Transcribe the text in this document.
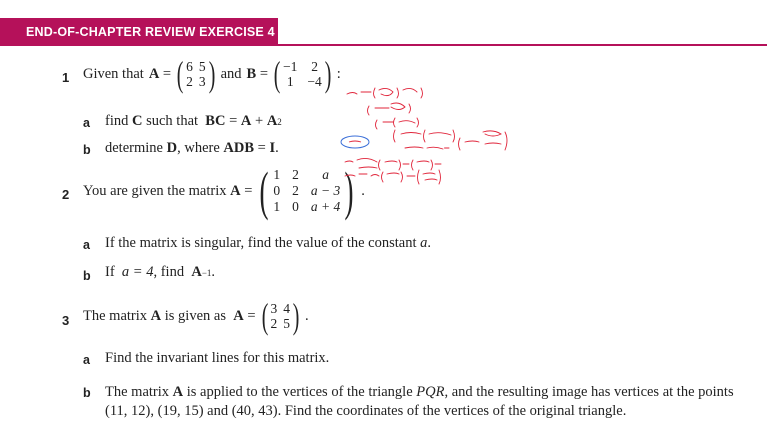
END-OF-CHAPTER REVIEW EXERCISE 4
1 Given that A = ( 6 5
2 3 ) and B = ( −1 2
1 −4 ) :
a find
C
such that
BC
=
A
+
A 2
b determine
D , where
ADB
=
I .
2 You are given the matrix
A = ( 1 2	a
0 2 a − 3
1 0 a + 4 ) .
a If the matrix is singular, find the value of the constant
a .
b If
a = 4 , find
A −1 .
3 The matrix
A
is given as
A = ( 3 4
2 5 ) .
a Find the invariant lines for this matrix.
b The matrix A is applied to the vertices of the triangle PQR, and the resulting image has vertices at the points (11, 12), (19, 15) and (40, 43). Find the coordinates of the vertices of the original triangle.
